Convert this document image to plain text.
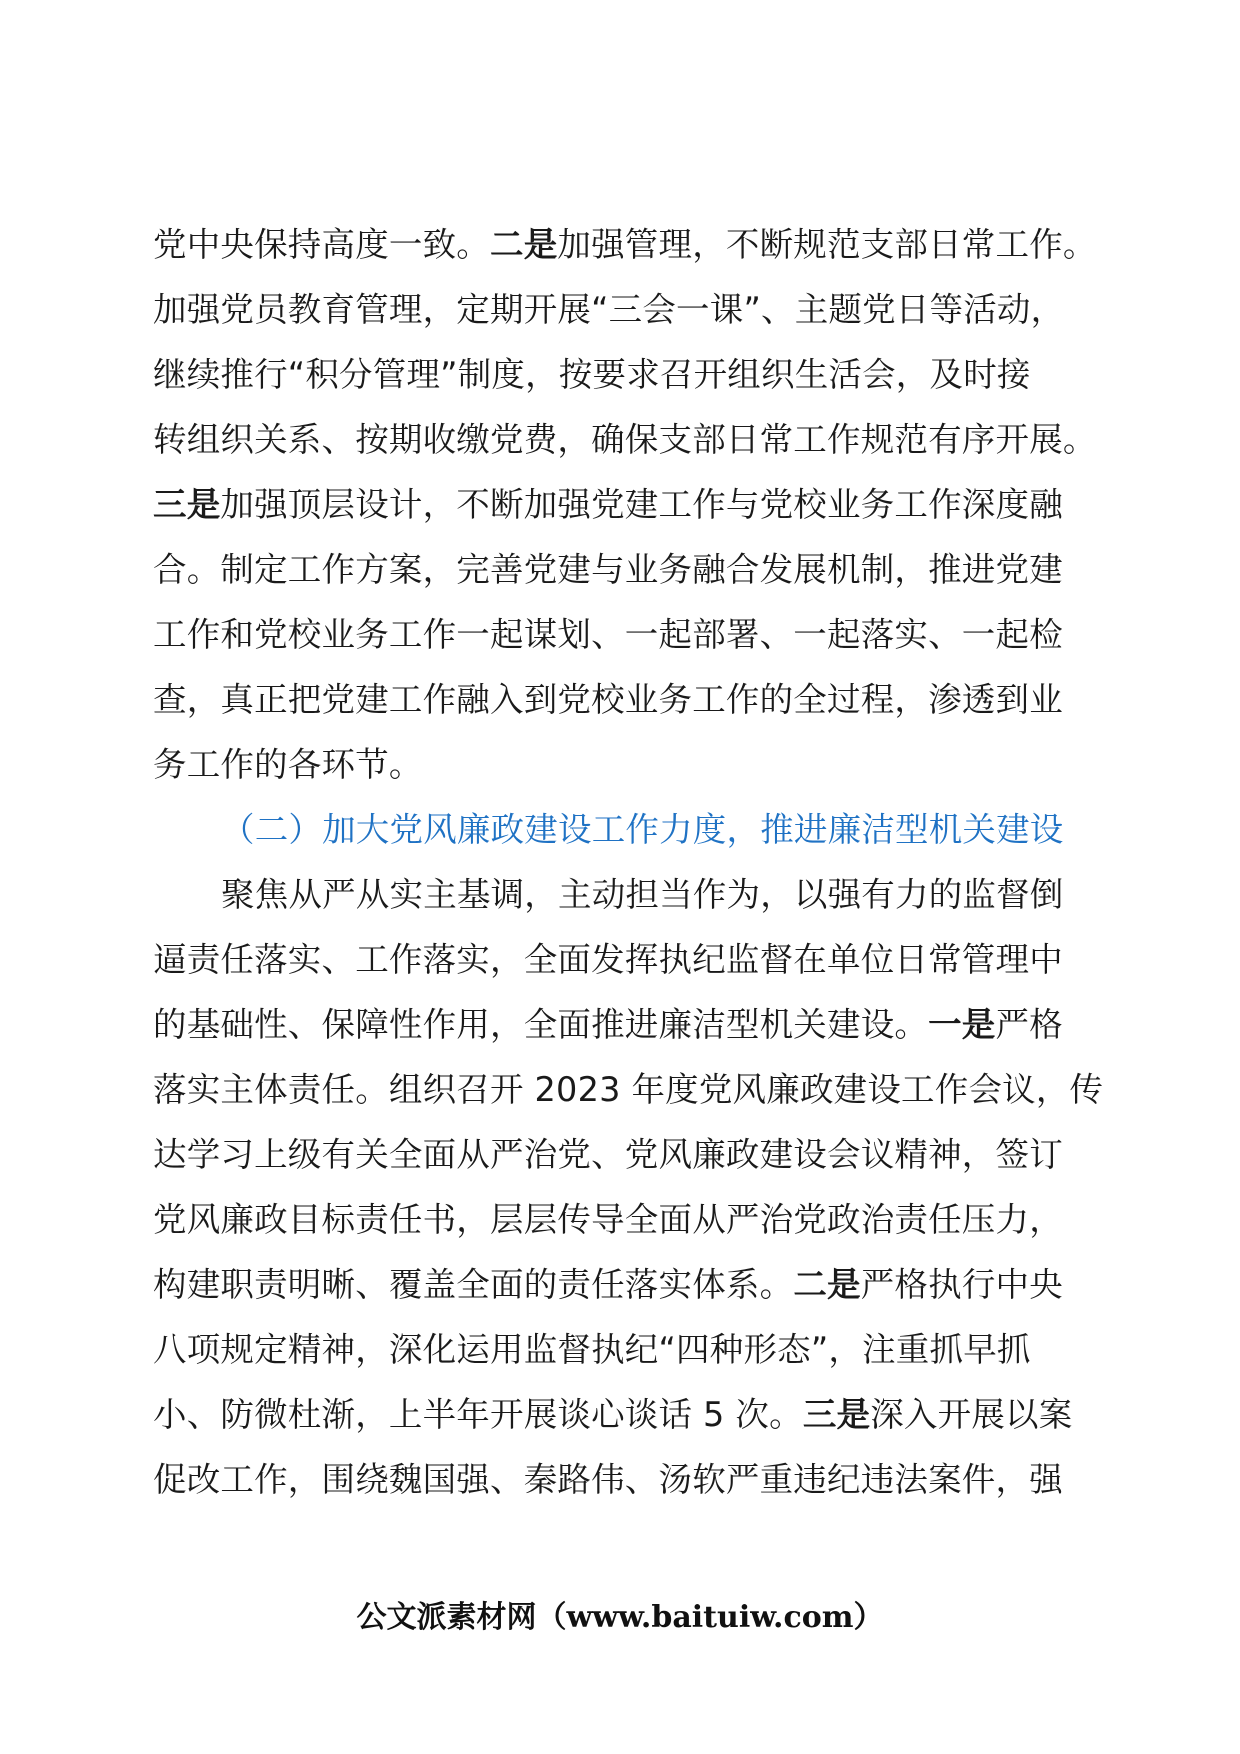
党中央保持高度一致。二是加强管理，不断规范支部日常工作。
加强党员教育管理，定期开展“三会一课”、主题党日等活动，
继续推行“积分管理”制度，按要求召开组织生活会，及时接
转组织关系、按期收缴党费，确保支部日常工作规范有序开展。
三是加强顶层设计，不断加强党建工作与党校业务工作深度融
合。制定工作方案，完善党建与业务融合发展机制，推进党建
工作和党校业务工作一起谋划、一起部署、一起落实、一起检
查，真正把党建工作融入到党校业务工作的全过程，渗透到业
务工作的各环节。
（二）加大党风廉政建设工作力度，推进廉洁型机关建设
聚焦从严从实主基调，主动担当作为，以强有力的监督倒
逼责任落实、工作落实，全面发挥执纪监督在单位日常管理中
的基础性、保障性作用，全面推进廉洁型机关建设。一是严格
落实主体责任。组织召开 2023 年度党风廉政建设工作会议，传
达学习上级有关全面从严治党、党风廉政建设会议精神，签订
党风廉政目标责任书，层层传导全面从严治党政治责任压力，
构建职责明晰、覆盖全面的责任落实体系。二是严格执行中央
八项规定精神，深化运用监督执纪“四种形态”，注重抓早抓
小、防微杜渐，上半年开展谈心谈话 5 次。三是深入开展以案
促改工作，围绕魏国强、秦路伟、汤软严重违纪违法案件，强
公文派素材网（www.baituiw.com）
